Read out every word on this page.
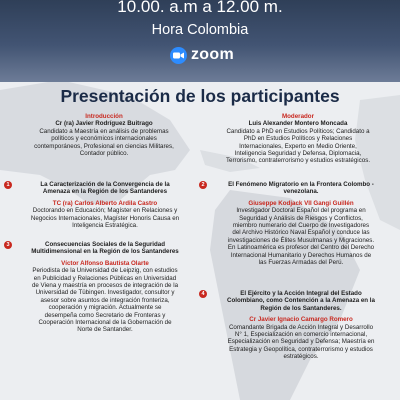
10.00. a.m a 12.00 m.
Hora Colombia
zoom
Presentación de los participantes
Introducción
Cr (ra) Javier Rodríguez Buitrago
Candidato a Maestría en análisis de problemas
políticos y económicos internacionales
contemporáneos, Profesional en ciencias Militares,
Contador público.
1	La Caracterización de la Convergencia de la
Amenaza en la Región de los Santanderes
TC (ra) Carlos Alberto Ardila Castro
Doctorando en Educación; Magíster en Relaciones y
Negocios Internacionales, Magíster Honoris Causa en
Inteligencia Estratégica.
3	Consecuencias Sociales de la Seguridad
Multidimensional en la Región de los Santanderes
Víctor Alfonso Bautista Olarte
Periodista de la Universidad de Leipzig, con estudios
en Publicidad y Relaciones Públicas en Universidad
de Viena y maestría en procesos de integración de la
Universidad de Tübingen. Investigador, consultor y
asesor sobre asuntos de integración fronteriza,
cooperación y migración. Actualmente se
desempeña como Secretario de Fronteras y
Cooperación Internacional de la Gobernación de
Norte de Santander.
Moderador
Luis Alexander Montero Moncada
Candidato a PhD en Estudios Políticos; Candidato a
PhD en Estudios Políticos y Relaciones
Internacionales, Experto en Medio Oriente,
Inteligencia Seguridad y Defensa, Diplomacia,
Terrorismo, contraterrorismo y estudios estratégicos.
2	El Fenómeno Migratorio en la Frontera Colombo -
venezolana.
Giuseppe Kodjack VII Gangi Guillén
Investigador Doctoral Español del programa en
Seguridad y Análisis de Riesgos y Conflictos,
miembro numerario del Cuerpo de Investigadores
del Archivo Histórico Naval Español y conduce las
investigaciones de Élites Musulmanas y Migraciones.
En Latinoamérica es profesor del Centro del Derecho
Internacional Humanitario y Derechos Humanos de
las Fuerzas Armadas del Perú.
4	El Ejército y la Acción Integral del Estado
Colombiano, como Contención a la Amenaza en la
Región de los Santanderes.
Cr Javier Ignacio Camargo Romero
Comandante Brigada de Acción Integral y Desarrollo
N° 1, Especialización en comercio internacional,
Especialización en Seguridad y Defensa; Maestría en
Estrategia y Geopolítica, contraterrorismo y estudios
estratégicos.
